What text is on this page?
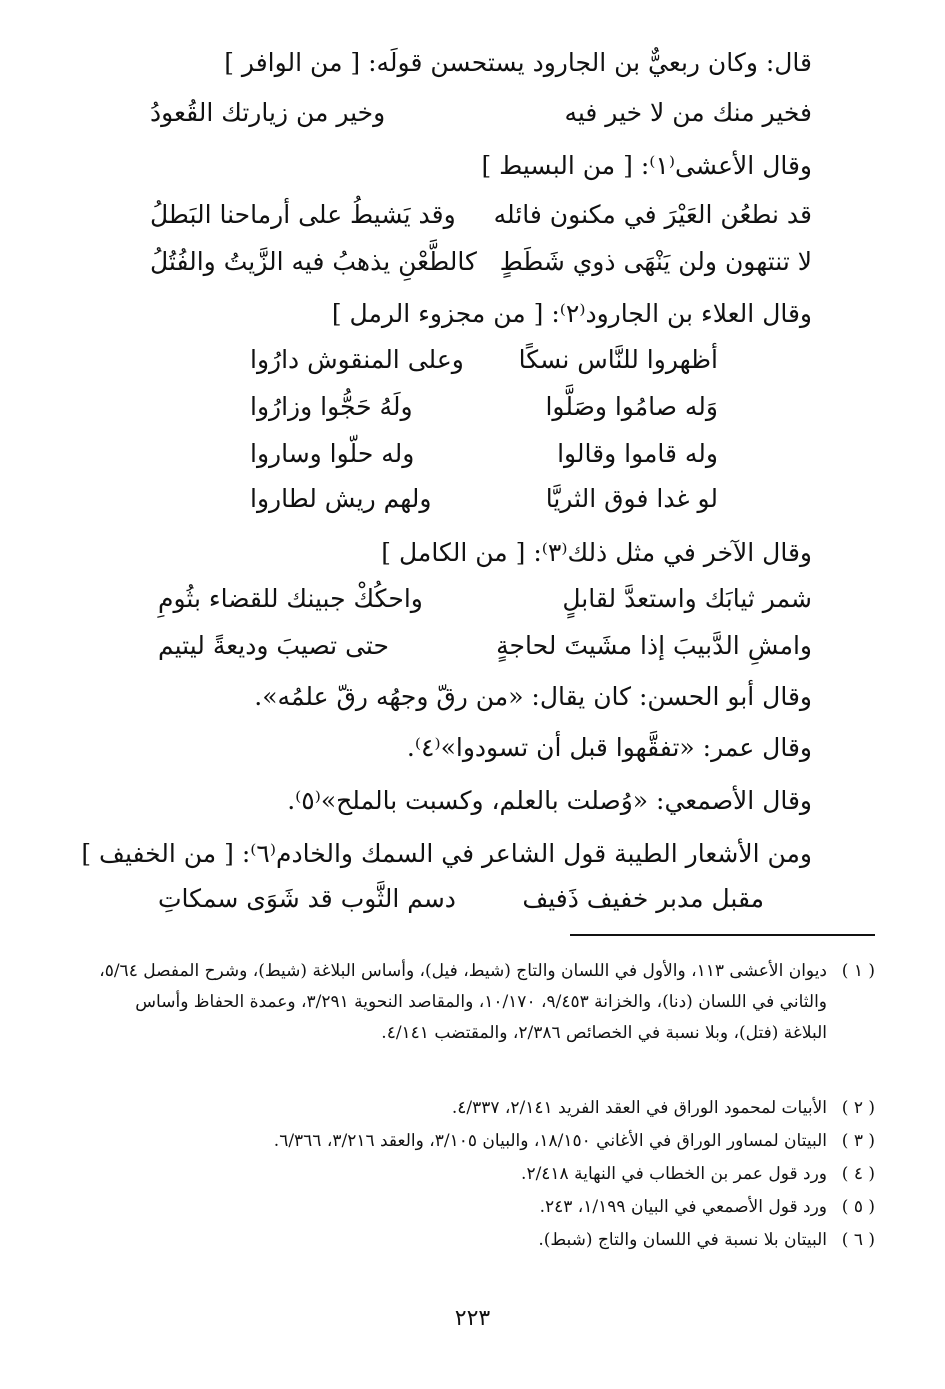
قال: وكان ربعيٌّ بن الجارود يستحسن قولَه: [ من الوافر ]
فخير منك من لا خير فيه
وخير من زيارتك القُعودُ
وقال الأعشى⁽١⁾: [ من البسيط ]
قد نطعُن العَيْرَ في مكنون فائله
وقد يَشيطُ على أرماحنا البَطلُ
لا تنتهون ولن يَنْهَى ذوي شَطَطٍ
كالطَّعْنِ يذهبُ فيه الزَّيتُ والفُتُلُ
وقال العلاء بن الجارود⁽٢⁾: [ من مجزوء الرمل ]
أظهروا للنَّاس نسكًا
وعلى المنقوش دارُوا
وَله صامُوا وصَلَّوا
ولَهُ حَجُّوا وزارُوا
وله قاموا وقالوا
وله حلّوا وساروا
لو غدا فوق الثريَّا
ولهم ريش لطاروا
وقال الآخر في مثل ذلك⁽٣⁾: [ من الكامل ]
شمر ثيابَك واستعدَّ لقابلٍ
واحكُكْ جبينك للقضاء بثُومِ
وامشِ الدَّبيبَ إذا مشَيتَ لحاجةٍ
حتى تصيبَ وديعةً ليتيم
وقال أبو الحسن: كان يقال: «من رقّ وجهُه رقّ علمُه».
وقال عمر: «تفقَّهوا قبل أن تسودوا»⁽٤⁾.
وقال الأصمعي: «وُصلت بالعلم، وكسبت بالملح»⁽٥⁾.
ومن الأشعار الطيبة قول الشاعر في السمك والخادم⁽٦⁾: [ من الخفيف ]
مقبل مدبر خفيف ذَفيف
دسم الثَّوب قد شَوَى سمكاتِ
( ١ )
ديوان الأعشى ١١٣، والأول في اللسان والتاج (شيط، فيل)، وأساس البلاغة (شيط)، وشرح المفصل ٥/٦٤، والثاني في اللسان (دنا)، والخزانة ٩/٤٥٣، ١٠/١٧٠، والمقاصد النحوية ٣/٢٩١، وعمدة الحفاظ وأساس البلاغة (فتل)، وبلا نسبة في الخصائص ٢/٣٨٦، والمقتضب ٤/١٤١.
( ٢ )
الأبيات لمحمود الوراق في العقد الفريد ٢/١٤١، ٤/٣٣٧.
( ٣ )
البيتان لمساور الوراق في الأغاني ١٨/١٥٠، والبيان ٣/١٠٥، والعقد ٣/٢١٦، ٦/٣٦٦.
( ٤ )
ورد قول عمر بن الخطاب في النهاية ٢/٤١٨.
( ٥ )
ورد قول الأصمعي في البيان ١/١٩٩، ٢٤٣.
( ٦ )
البيتان بلا نسبة في اللسان والتاج (شبط).
٢٢٣
